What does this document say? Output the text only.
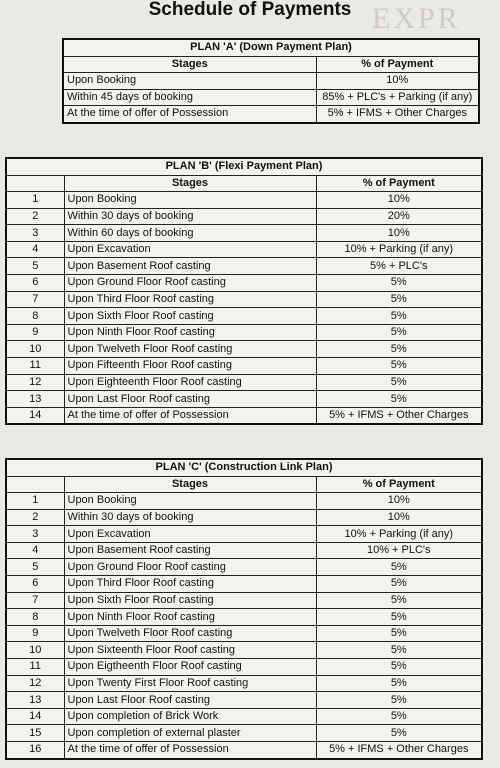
EXPR
Schedule of Payments
PLAN 'A' (Down Payment Plan)	
Stages	% of Payment
Upon Booking	10%
Within 45 days of booking	85% + PLC's + Parking (if any)
At the time of offer of Possession	5% + IFMS + Other Charges
PLAN 'B' (Flexi Payment Plan)		
	Stages	% of Payment
1	Upon Booking	10%
2	Within 30 days of booking	20%
3	Within 60 days of booking	10%
4	Upon Excavation	10% + Parking (if any)
5	Upon Basement Roof casting	5% + PLC's
6	Upon Ground Floor Roof casting	5%
7	Upon Third Floor Roof casting	5%
8	Upon Sixth Floor Roof casting	5%
9	Upon Ninth Floor Roof casting	5%
10	Upon Twelveth Floor Roof casting	5%
11	Upon Fifteenth Floor Roof casting	5%
12	Upon Eighteenth Floor Roof casting	5%
13	Upon Last Floor Roof casting	5%
14	At the time of offer of Possession	5% + IFMS + Other Charges
PLAN 'C' (Construction Link Plan)		
	Stages	% of Payment
1	Upon Booking	10%
2	Within 30 days of booking	10%
3	Upon Excavation	10% + Parking (if any)
4	Upon Basement Roof casting	10% + PLC's
5	Upon Ground Floor Roof casting	5%
6	Upon Third Floor Roof casting	5%
7	Upon Sixth Floor Roof casting	5%
8	Upon Ninth Floor Roof casting	5%
9	Upon Twelveth Floor Roof casting	5%
10	Upon Sixteenth Floor Roof casting	5%
11	Upon Eigtheenth Floor Roof casting	5%
12	Upon Twenty First Floor Roof casting	5%
13	Upon Last Floor Roof casting	5%
14	Upon completion of Brick Work	5%
15	Upon completion of external plaster	5%
16	At the time of offer of Possession	5% + IFMS + Other Charges
